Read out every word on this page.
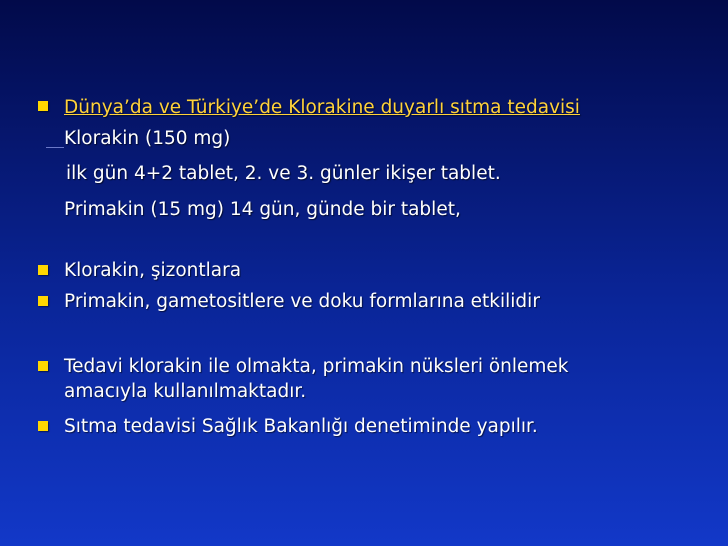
Dünya’da ve Türkiye’de Klorakine duyarlı sıtma tedavisi
Klorakin (150 mg)
ilk gün 4+2 tablet, 2. ve 3. günler ikişer tablet.
Primakin (15 mg) 14 gün, günde bir tablet,
Klorakin, şizontlara
Primakin, gametositlere ve doku formlarına etkilidir
Tedavi klorakin ile olmakta, primakin nüksleri önlemek
amacıyla kullanılmaktadır.
Sıtma tedavisi Sağlık Bakanlığı denetiminde yapılır.
